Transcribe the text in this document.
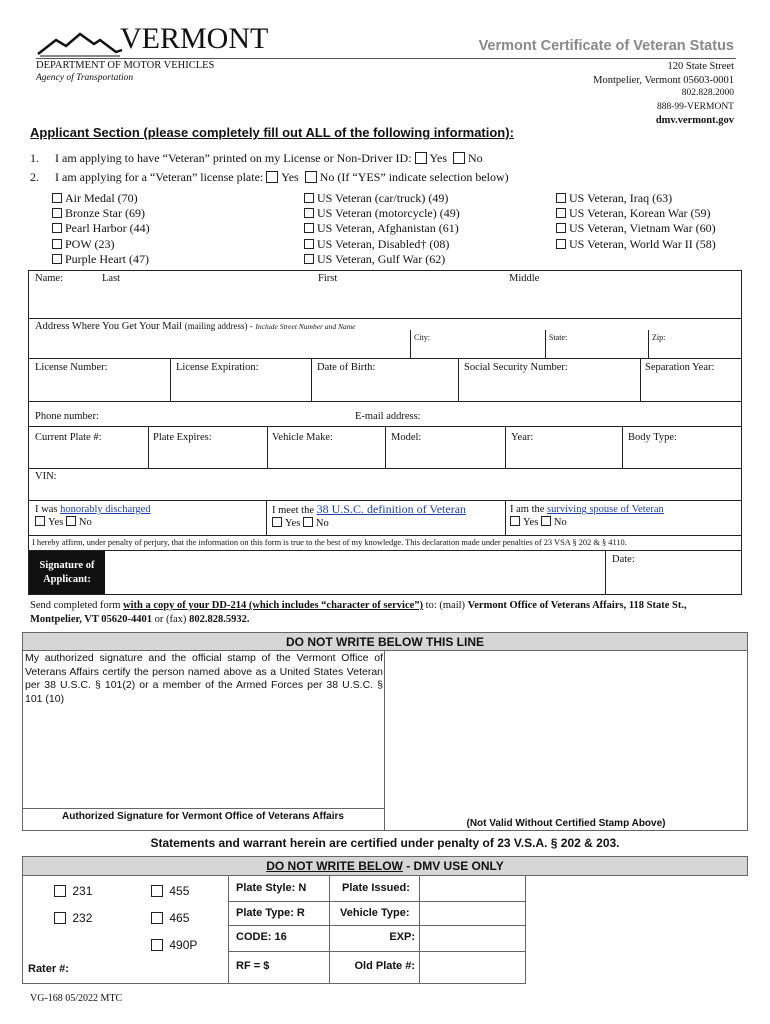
VERMONT	Vermont Certificate of Veteran Status
DEPARTMENT OF MOTOR VEHICLES
Agency of Transportation
120 State Street
Montpelier, Vermont 05603-0001
802.828.2000
888-99-VERMONT
dmv.vermont.gov
Applicant Section (please completely fill out ALL of the following information):
1. I am applying to have “Veteran” printed on my License or Non-Driver ID: Yes No
2. I am applying for a “Veteran” license plate: Yes No (If “YES” indicate selection below)
Air Medal (70)
Bronze Star (69)
Pearl Harbor (44)
POW (23)
Purple Heart (47)
US Veteran (car/truck) (49)
US Veteran (motorcycle) (49)
US Veteran, Afghanistan (61)
US Veteran, Disabled† (08)
US Veteran, Gulf War (62)
US Veteran, Iraq (63)
US Veteran, Korean War (59)
US Veteran, Vietnam War (60)
US Veteran, World War II (58)
Name:	Last	First	Middle
Address Where You Get Your Mail (mailing address) - Include Street Number and Name
City:	State:	Zip:
License Number:	License Expiration:	Date of Birth:	Social Security Number:	Separation Year:
Phone number:	E-mail address:
Current Plate #:	Plate Expires:	Vehicle Make:	Model:	Year:	Body Type:
VIN:
I was honorably discharged
Yes No
I meet the 38 U.S.C. definition of Veteran
Yes No
I am the surviving spouse of Veteran
Yes No
I hereby affirm, under penalty of perjury, that the information on this form is true to the best of my knowledge. This declaration made under penalties of 23 VSA § 202 & § 4110.
Signature of
Applicant:
Date:
Send completed form with a copy of your DD-214 (which includes “character of service”) to: (mail) Vermont Office of Veterans Affairs, 118 State St.,
Montpelier, VT 05620-4401 or (fax) 802.828.5932.
DO NOT WRITE BELOW THIS LINE
My authorized signature and the official stamp of the Vermont Office of Veterans Affairs certify the person named above as a United States Veteran per 38 U.S.C. § 101(2) or a member of the Armed Forces per 38 U.S.C. § 101 (10)
Authorized Signature for Vermont Office of Veterans Affairs
(Not Valid Without Certified Stamp Above)
Statements and warrant herein are certified under penalty of 23 V.S.A. § 202 & 203.
DO NOT WRITE BELOW - DMV USE ONLY
231
232
455
465
490P
Rater #:
Plate Style: N	Plate Issued:
Plate Type: R	Vehicle Type:
CODE: 16	EXP:
RF = $	Old Plate #:
VG-168 05/2022 MTC
